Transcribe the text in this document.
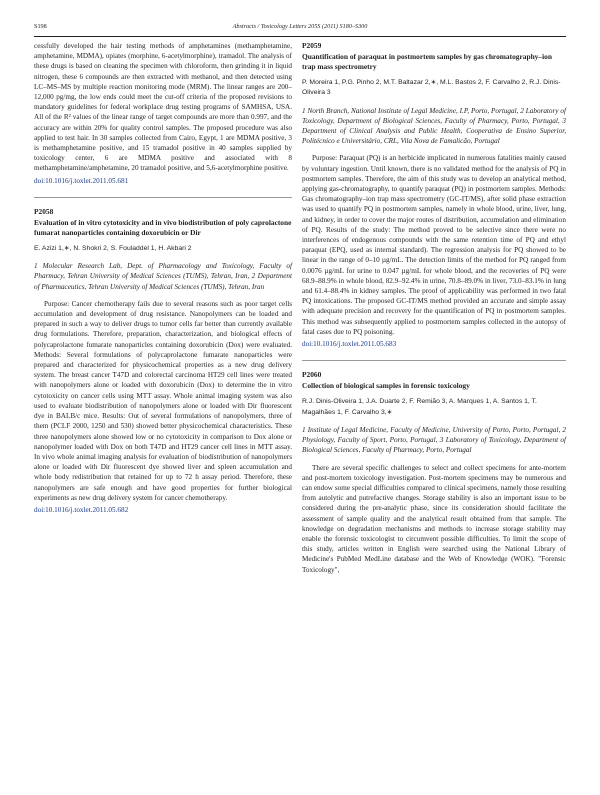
S198	Abstracts / Toxicology Letters 205S (2011) S180–S300

cessfully developed the hair testing methods of amphetamines (methamphetamine, amphetamine, MDMA), opiates (morphine, 6-acetylmorphine), tramadol. The analysis of these drugs is based on cleaning the specimen with chloroform, then grinding it in liquid nitrogen, these 6 compounds are then extracted with methanol, and then detected using LC–MS–MS by multiple reaction monitoring mode (MRM). The linear ranges are 200–12,000 pg/mg, the low ends could meet the cut-off criteria of the proposed revisions to mandatory guidelines for federal workplace drug testing programs of SAMHSA, USA. All of the R² values of the linear range of target compounds are more than 0.997, and the accuracy are within 20% for quality control samples. The proposed procedure was also applied to test hair. In 30 samples collected from Cairo, Egypt, 1 are MDMA positive, 3 is methamphetamine positive, and 15 tramadol positive in 40 samples supplied by toxicology center, 6 are MDMA positive and associated with 8 methamphetamine/amphetamine, 20 tramadol positive, and 5,6-acetylmorphine positive.

doi:10.1016/j.toxlet.2011.05.681

P2058

Evaluation of in vitro cytotoxicity and in vivo biodistribution of poly caprolactone fumarat nanoparticles containing doxorubicin or Dir

E. Azizi 1,∗, N. Shokri 2, S. Fouladdel 1, H. Akbari 2

1 Molecular Research Lab, Dept. of Pharmacology and Toxicology, Faculty of Pharmacy, Tehran University of Medical Sciences (TUMS), Tehran, Iran, 2 Department of Pharmaceutics, Tehran University of Medical Sciences (TUMS), Tehran, Iran

Purpose: Cancer chemotherapy fails due to several reasons such as poor target cells accumulation and development of drug resistance. Nanopolymers can be loaded and prepared in such a way to deliver drugs to tumor cells far better than currently available drug formulations. Therefore, preparation, characterization, and biological effects of polycaprolactone fumarate nanoparticles containing doxorubicin (Dox) were evaluated. Methods: Several formulations of polycaprolactone fumarate nanoparticles were prepared and characterized for physicochemical properties as a new drug delivery system. The breast cancer T47D and colorectal carcinoma HT29 cell lines were treated with nanopolymers alone or loaded with doxorubicin (Dox) to determine the in vitro cytotoxicity on cancer cells using MTT assay. Whole animal imaging system was also used to evaluate biodistribution of nanopolymers alone or loaded with Dir fluorescent dye in BALB/c mice. Results: Out of several formulations of nanopolymers, three of them (PCLF 2000, 1250 and 530) showed better physicochemical characteristics. These three nanopolymers alone showed low or no cytotoxicity in comparison to Dox alone or nanopolymer loaded with Dox on both T47D and HT29 cancer cell lines in MTT assay. In vivo whole animal imaging analysis for evaluation of biodistribution of nanopolymers alone or loaded with Dir fluorescent dye showed liver and spleen accumulation and whole body redistribution that retained for up to 72 h assay period. Therefore, these nanopolymers are safe enough and have good properties for further biological experiments as new drug delivery system for cancer chemotherapy.

doi:10.1016/j.toxlet.2011.05.682

P2059

Quantification of paraquat in postmortem samples by gas chromatography–ion trap mass spectrometry

P. Moreira 1, P.G. Pinho 2, M.T. Baltazar 2,∗, M.L. Bastos 2, F. Carvalho 2, R.J. Dinis-Oliveira 3

1 North Branch, National Institute of Legal Medicine, I.P, Porto, Portugal, 2 Laboratory of Toxicology, Department of Biological Sciences, Faculty of Pharmacy, Porto, Portugal, 3 Department of Clinical Analysis and Public Health, Cooperativa de Ensino Superior, Politécnico e Universitário, CRL, Vila Nova de Famalicão, Portugal

Purpose: Paraquat (PQ) is an herbicide implicated in numerous fatalities mainly caused by voluntary ingestion. Until known, there is no validated method for the analysis of PQ in postmortem samples. Therefore, the aim of this study was to develop an analytical method, applying gas-chromatography, to quantify paraquat (PQ) in postmortem samples. Methods: Gas chromatography–ion trap mass spectrometry (GC-IT/MS), after solid phase extraction was used to quantify PQ in postmortem samples, namely in whole blood, urine, liver, lung, and kidney, in order to cover the major routes of distribution, accumulation and elimination of PQ. Results of the study: The method proved to be selective since there were no interferences of endogenous compounds with the same retention time of PQ and ethyl paraquat (EPQ, used as internal standard). The regression analysis for PQ showed to be linear in the range of 0–10 µg/mL. The detection limits of the method for PQ ranged from 0.0076 µg/mL for urine to 0.047 µg/mL for whole blood, and the recoveries of PQ were 68.9–88.9% in whole blood, 82.9–92.4% in urine, 70.8–89.0% in liver, 73.0–83.1% in lung and 61.4–88.4% in kidney samples. The proof of applicability was performed in two fatal PQ intoxications. The proposed GC-IT/MS method provided an accurate and simple assay with adequate precision and recovery for the quantification of PQ in postmortem samples. This method was subsequently applied to postmortem samples collected in the autopsy of fatal cases due to PQ poisoning.

doi:10.1016/j.toxlet.2011.05.683

P2060

Collection of biological samples in forensic toxicology

R.J. Dinis-Oliveira 1, J.A. Duarte 2, F. Remião 3, A. Marques 1, A. Santos 1, T. Magalhães 1, F. Carvalho 3,∗

1 Institute of Legal Medicine, Faculty of Medicine, University of Porto, Porto, Portugal, 2 Physiology, Faculty of Sport, Porto, Portugal, 3 Laboratory of Toxicology, Department of Biological Sciences, Faculty of Pharmacy, Porto, Portugal

There are several specific challenges to select and collect specimens for ante-mortem and post-mortem toxicology investigation. Post-mortem specimens may be numerous and can endow some special difficulties compared to clinical specimens, namely those resulting from autolytic and putrefactive changes. Storage stability is also an important issue to be considered during the pre-analytic phase, since its consideration should facilitate the assessment of sample quality and the analytical result obtained from that sample. The knowledge on degradation mechanisms and methods to increase storage stability may enable the forensic toxicologist to circumvent possible difficulties. To limit the scope of this study, articles written in English were searched using the National Library of Medicine's PubMed MedLine database and the Web of Knowledge (WOK). "Forensic Toxicology",
